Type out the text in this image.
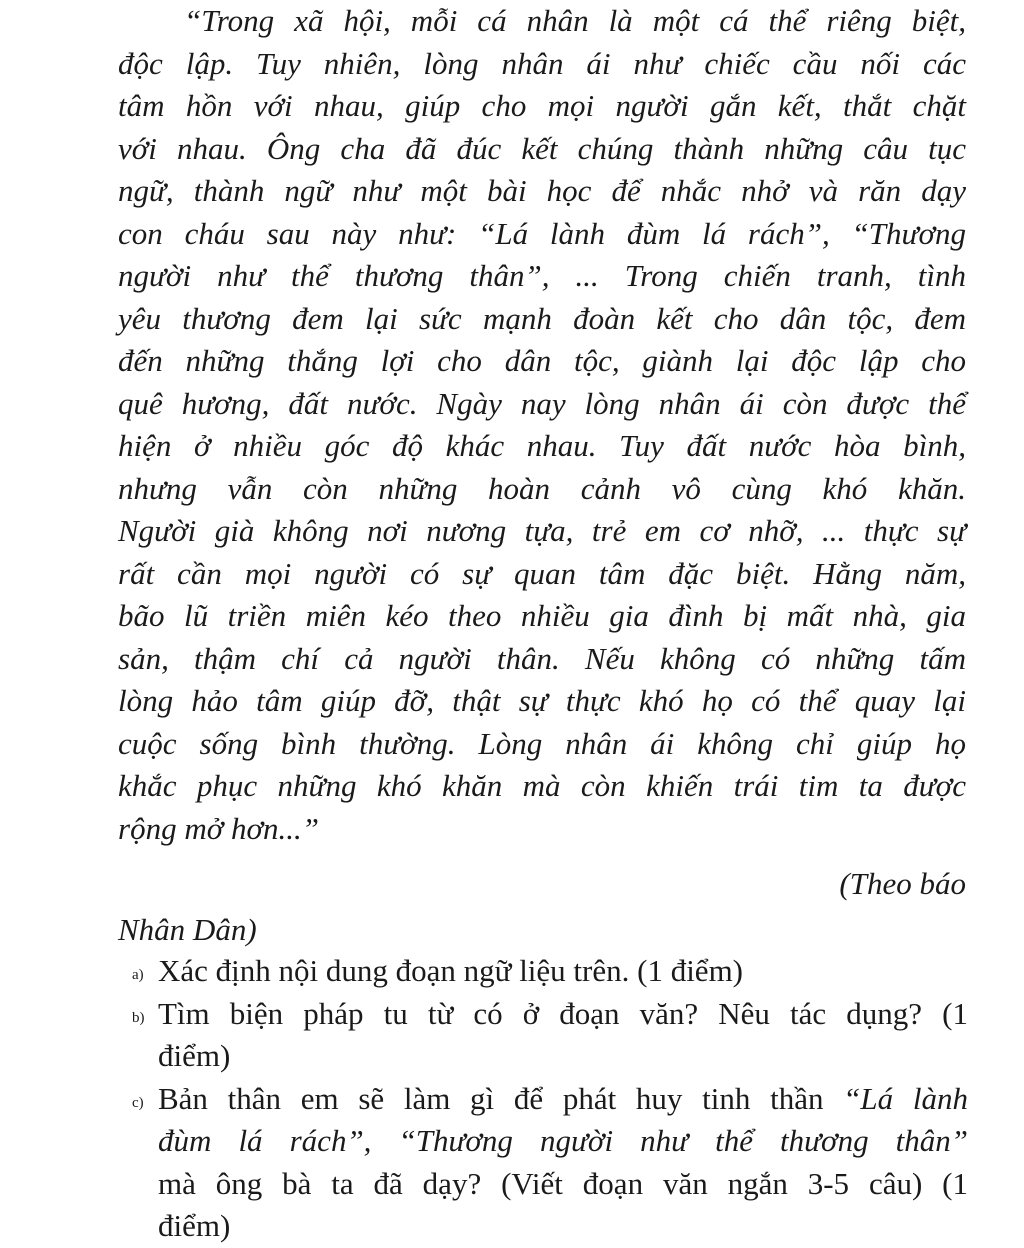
“Trong xã hội, mỗi cá nhân là một cá thể riêng biệt,
độc lập. Tuy nhiên, lòng nhân ái như chiếc cầu nối các
tâm hồn với nhau, giúp cho mọi người gắn kết, thắt chặt
với nhau. Ông cha đã đúc kết chúng thành những câu tục
ngữ, thành ngữ như một bài học để nhắc nhở và răn dạy
con cháu sau này như: “Lá lành đùm lá rách”, “Thương
người như thể thương thân”, ... Trong chiến tranh, tình
yêu thương đem lại sức mạnh đoàn kết cho dân tộc, đem
đến những thắng lợi cho dân tộc, giành lại độc lập cho
quê hương, đất nước. Ngày nay lòng nhân ái còn được thể
hiện ở nhiều góc độ khác nhau. Tuy đất nước hòa bình,
nhưng vẫn còn những hoàn cảnh vô cùng khó khăn.
Người già không nơi nương tựa, trẻ em cơ nhỡ, ... thực sự
rất cần mọi người có sự quan tâm đặc biệt. Hằng năm,
bão lũ triền miên kéo theo nhiều gia đình bị mất nhà, gia
sản, thậm chí cả người thân. Nếu không có những tấm
lòng hảo tâm giúp đỡ, thật sự thực khó họ có thể quay lại
cuộc sống bình thường. Lòng nhân ái không chỉ giúp họ
khắc phục những khó khăn mà còn khiến trái tim ta được
rộng mở hơn...”
(Theo báo
Nhân Dân)
a) Xác định nội dung đoạn ngữ liệu trên. (1 điểm)
b) Tìm biện pháp tu từ có ở đoạn văn? Nêu tác dụng? (1
điểm)
c) Bản thân em sẽ làm gì để phát huy tinh thần “Lá lành
đùm lá rách”, “Thương người như thể thương thân”
mà ông bà ta đã dạy? (Viết đoạn văn ngắn 3-5 câu) (1
điểm)
